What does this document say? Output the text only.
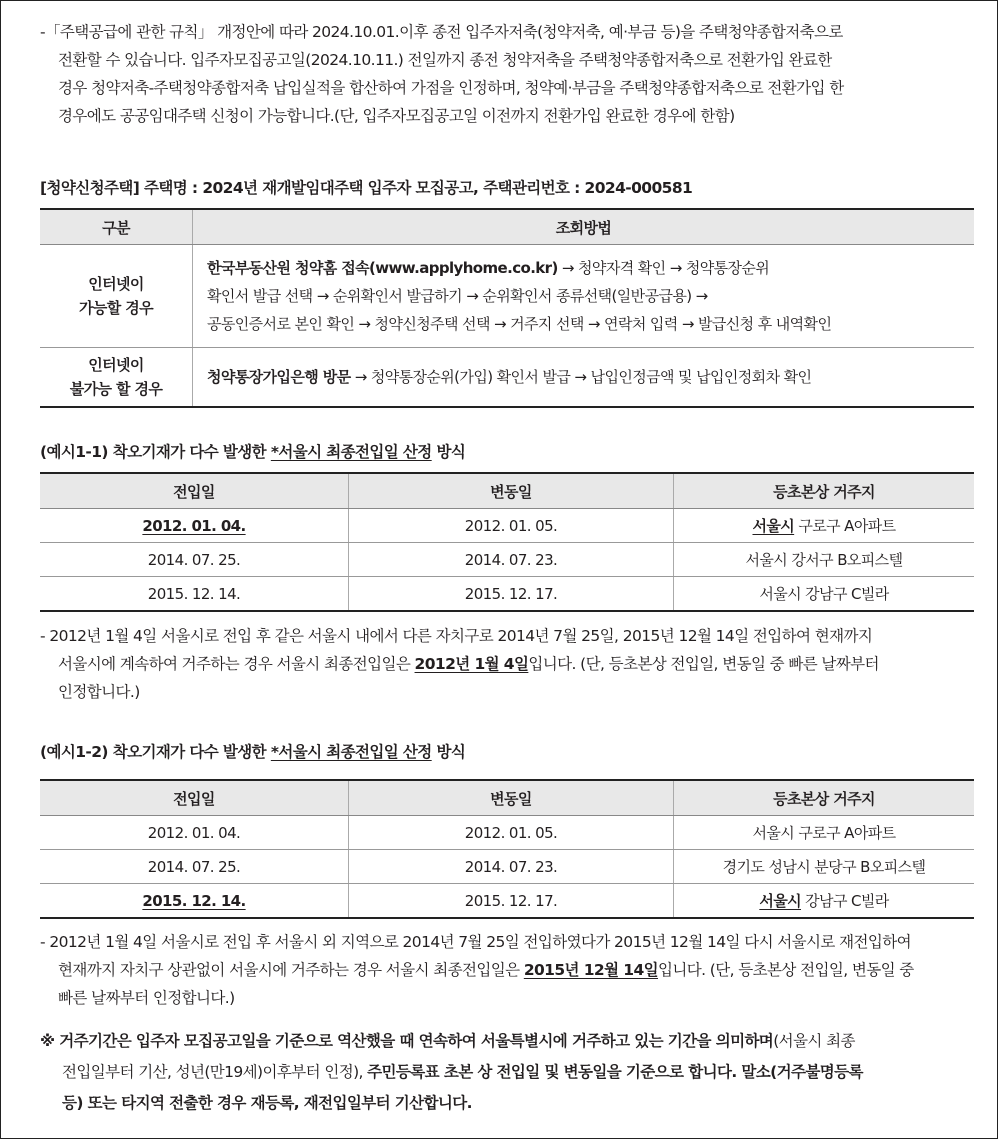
-「주택공급에 관한 규칙」 개정안에 따라 2024.10.01.이후 종전 입주자저축(청약저축, 예·부금 등)을 주택청약종합저축으로
전환할 수 있습니다. 입주자모집공고일(2024.10.11.) 전일까지 종전 청약저축을 주택청약종합저축으로 전환가입 완료한
경우 청약저축-주택청약종합저축 납입실적을 합산하여 가점을 인정하며, 청약예·부금을 주택청약종합저축으로 전환가입 한
경우에도 공공임대주택 신청이 가능합니다.(단, 입주자모집공고일 이전까지 전환가입 완료한 경우에 한함)
[청약신청주택] 주택명 : 2024년 재개발임대주택 입주자 모집공고, 주택관리번호 : 2024-000581
구분	조회방법
인터넷이
가능할 경우	한국부동산원 청약홈 접속(www.applyhome.co.kr) → 청약자격 확인 → 청약통장순위
확인서 발급 선택 → 순위확인서 발급하기 → 순위확인서 종류선택(일반공급용) →
공동인증서로 본인 확인 → 청약신청주택 선택 → 거주지 선택 → 연락처 입력 → 발급신청 후 내역확인
인터넷이
불가능 할 경우	청약통장가입은행 방문 → 청약통장순위(가입) 확인서 발급 → 납입인정금액 및 납입인정회차 확인
(예시1-1) 착오기재가 다수 발생한 *서울시 최종전입일 산정 방식
전입일	변동일	등초본상 거주지
2012. 01. 04.	2012. 01. 05.	서울시 구로구 A아파트
2014. 07. 25.	2014. 07. 23.	서울시 강서구 B오피스텔
2015. 12. 14.	2015. 12. 17.	서울시 강남구 C빌라
- 2012년 1월 4일 서울시로 전입 후 같은 서울시 내에서 다른 자치구로 2014년 7월 25일, 2015년 12월 14일 전입하여 현재까지
서울시에 계속하여 거주하는 경우 서울시 최종전입일은 2012년 1월 4일입니다. (단, 등초본상 전입일, 변동일 중 빠른 날짜부터
인정합니다.)
(예시1-2) 착오기재가 다수 발생한 *서울시 최종전입일 산정 방식
전입일	변동일	등초본상 거주지
2012. 01. 04.	2012. 01. 05.	서울시 구로구 A아파트
2014. 07. 25.	2014. 07. 23.	경기도 성남시 분당구 B오피스텔
2015. 12. 14.	2015. 12. 17.	서울시 강남구 C빌라
- 2012년 1월 4일 서울시로 전입 후 서울시 외 지역으로 2014년 7월 25일 전입하였다가 2015년 12월 14일 다시 서울시로 재전입하여
현재까지 자치구 상관없이 서울시에 거주하는 경우 서울시 최종전입일은 2015년 12월 14일입니다. (단, 등초본상 전입일, 변동일 중
빠른 날짜부터 인정합니다.)
※ 거주기간은 입주자 모집공고일을 기준으로 역산했을 때 연속하여 서울특별시에 거주하고 있는 기간을 의미하며(서울시 최종
전입일부터 기산, 성년(만19세)이후부터 인정), 주민등록표 초본 상 전입일 및 변동일을 기준으로 합니다. 말소(거주불명등록
등) 또는 타지역 전출한 경우 재등록, 재전입일부터 기산합니다.
